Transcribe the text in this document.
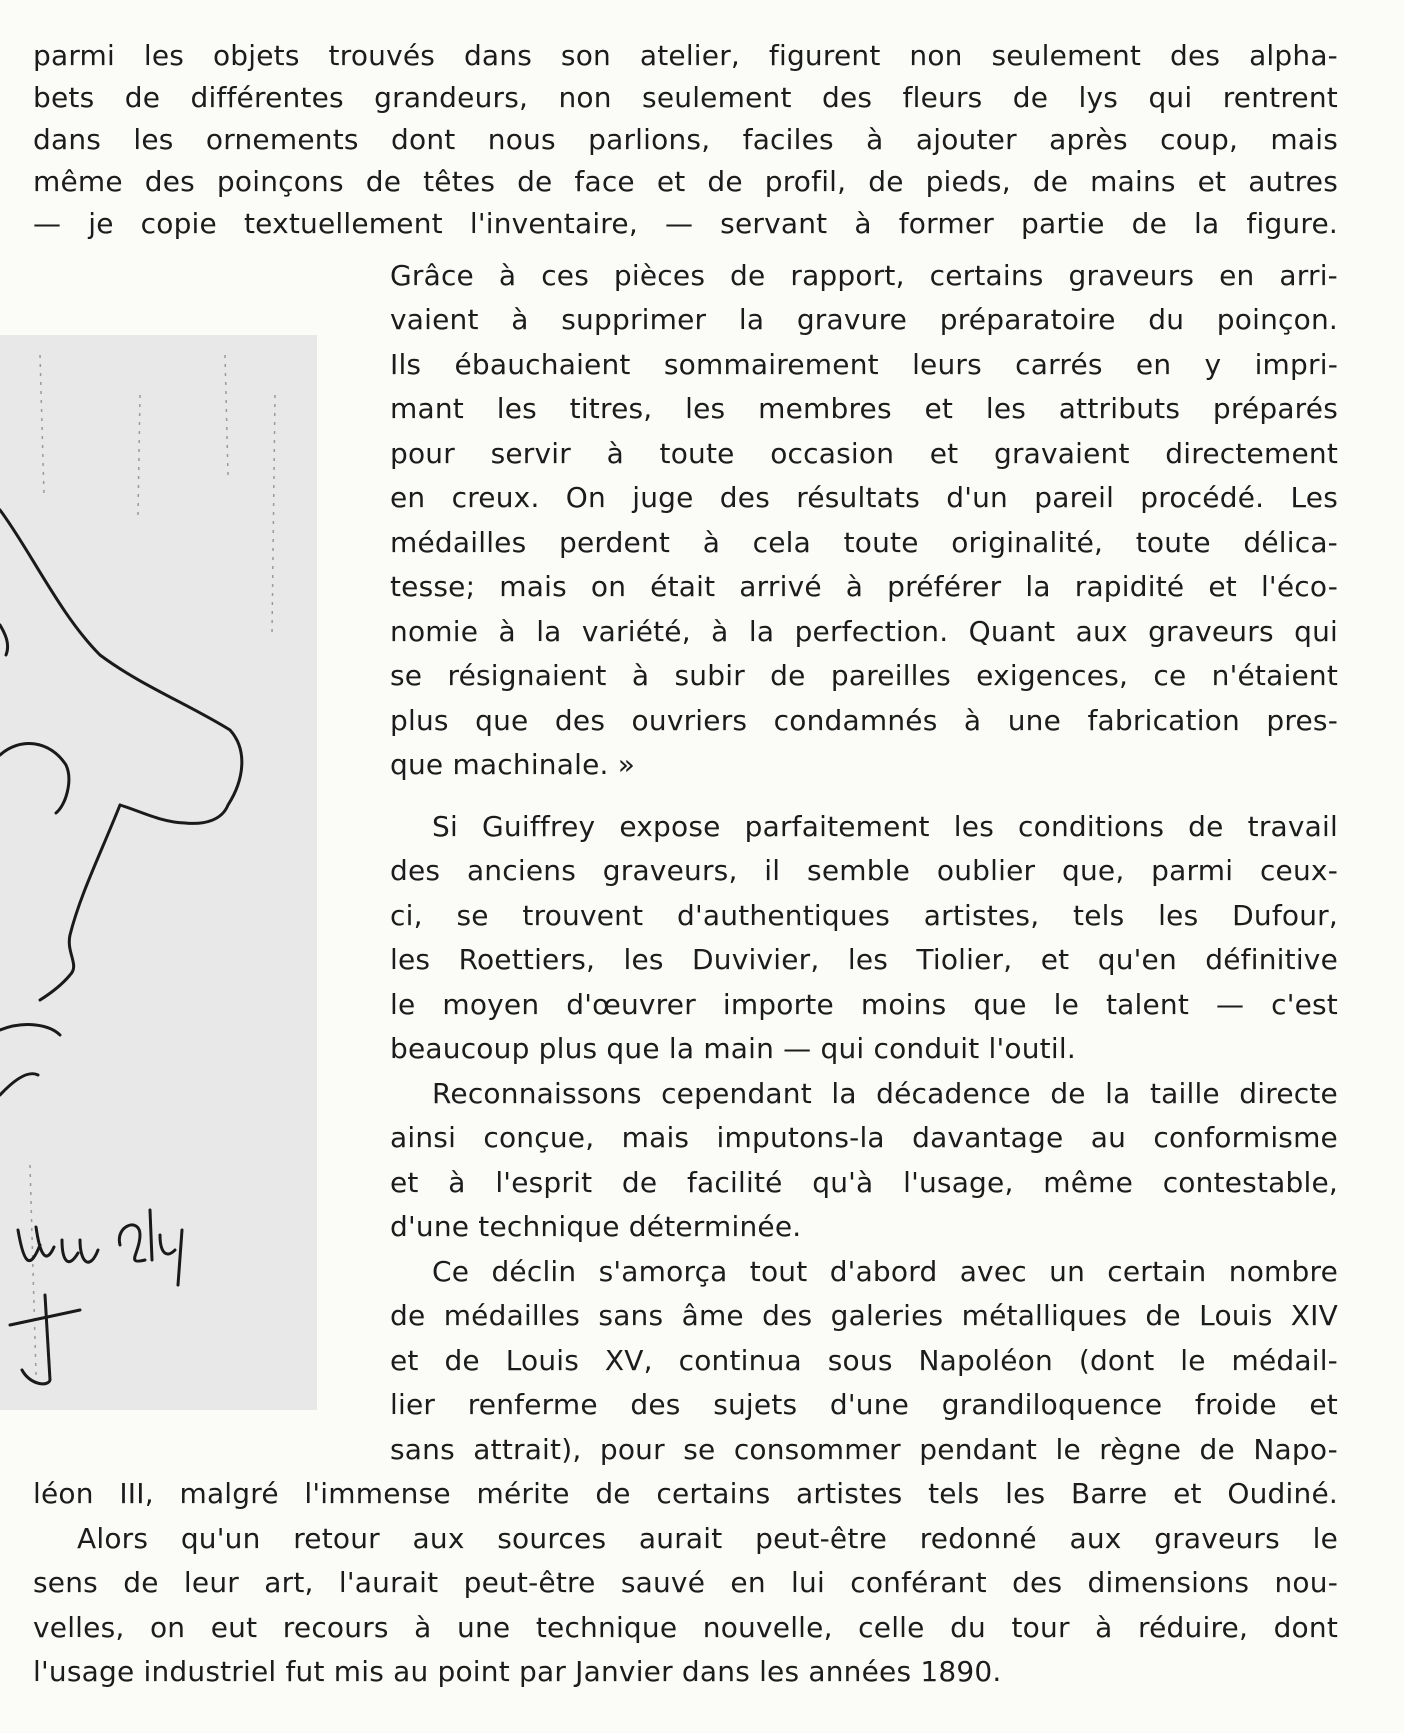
parmi les objets trouvés dans son atelier, figurent non seulement des alpha-
bets de différentes grandeurs, non seulement des fleurs de lys qui rentrent
dans les ornements dont nous parlions, faciles à ajouter après coup, mais
même des poinçons de têtes de face et de profil, de pieds, de mains et autres
— je copie textuellement l'inventaire, — servant à former partie de la figure.
Grâce à ces pièces de rapport, certains graveurs en arri-
vaient à supprimer la gravure préparatoire du poinçon.
Ils ébauchaient sommairement leurs carrés en y impri-
mant les titres, les membres et les attributs préparés
pour servir à toute occasion et gravaient directement
en creux. On juge des résultats d'un pareil procédé. Les
médailles perdent à cela toute originalité, toute délica-
tesse; mais on était arrivé à préférer la rapidité et l'éco-
nomie à la variété, à la perfection. Quant aux graveurs qui
se résignaient à subir de pareilles exigences, ce n'étaient
plus que des ouvriers condamnés à une fabrication pres-
que machinale. »
Si Guiffrey expose parfaitement les conditions de travail
des anciens graveurs, il semble oublier que, parmi ceux-
ci, se trouvent d'authentiques artistes, tels les Dufour,
les Roettiers, les Duvivier, les Tiolier, et qu'en définitive
le moyen d'œuvrer importe moins que le talent — c'est
beaucoup plus que la main — qui conduit l'outil.
Reconnaissons cependant la décadence de la taille directe
ainsi conçue, mais imputons-la davantage au conformisme
et à l'esprit de facilité qu'à l'usage, même contestable,
d'une technique déterminée.
Ce déclin s'amorça tout d'abord avec un certain nombre
de médailles sans âme des galeries métalliques de Louis XIV
et de Louis XV, continua sous Napoléon (dont le médail-
lier renferme des sujets d'une grandiloquence froide et
sans attrait), pour se consommer pendant le règne de Napo-
léon III, malgré l'immense mérite de certains artistes tels les Barre et Oudiné.
Alors qu'un retour aux sources aurait peut-être redonné aux graveurs le
sens de leur art, l'aurait peut-être sauvé en lui conférant des dimensions nou-
velles, on eut recours à une technique nouvelle, celle du tour à réduire, dont
l'usage industriel fut mis au point par Janvier dans les années 1890.
